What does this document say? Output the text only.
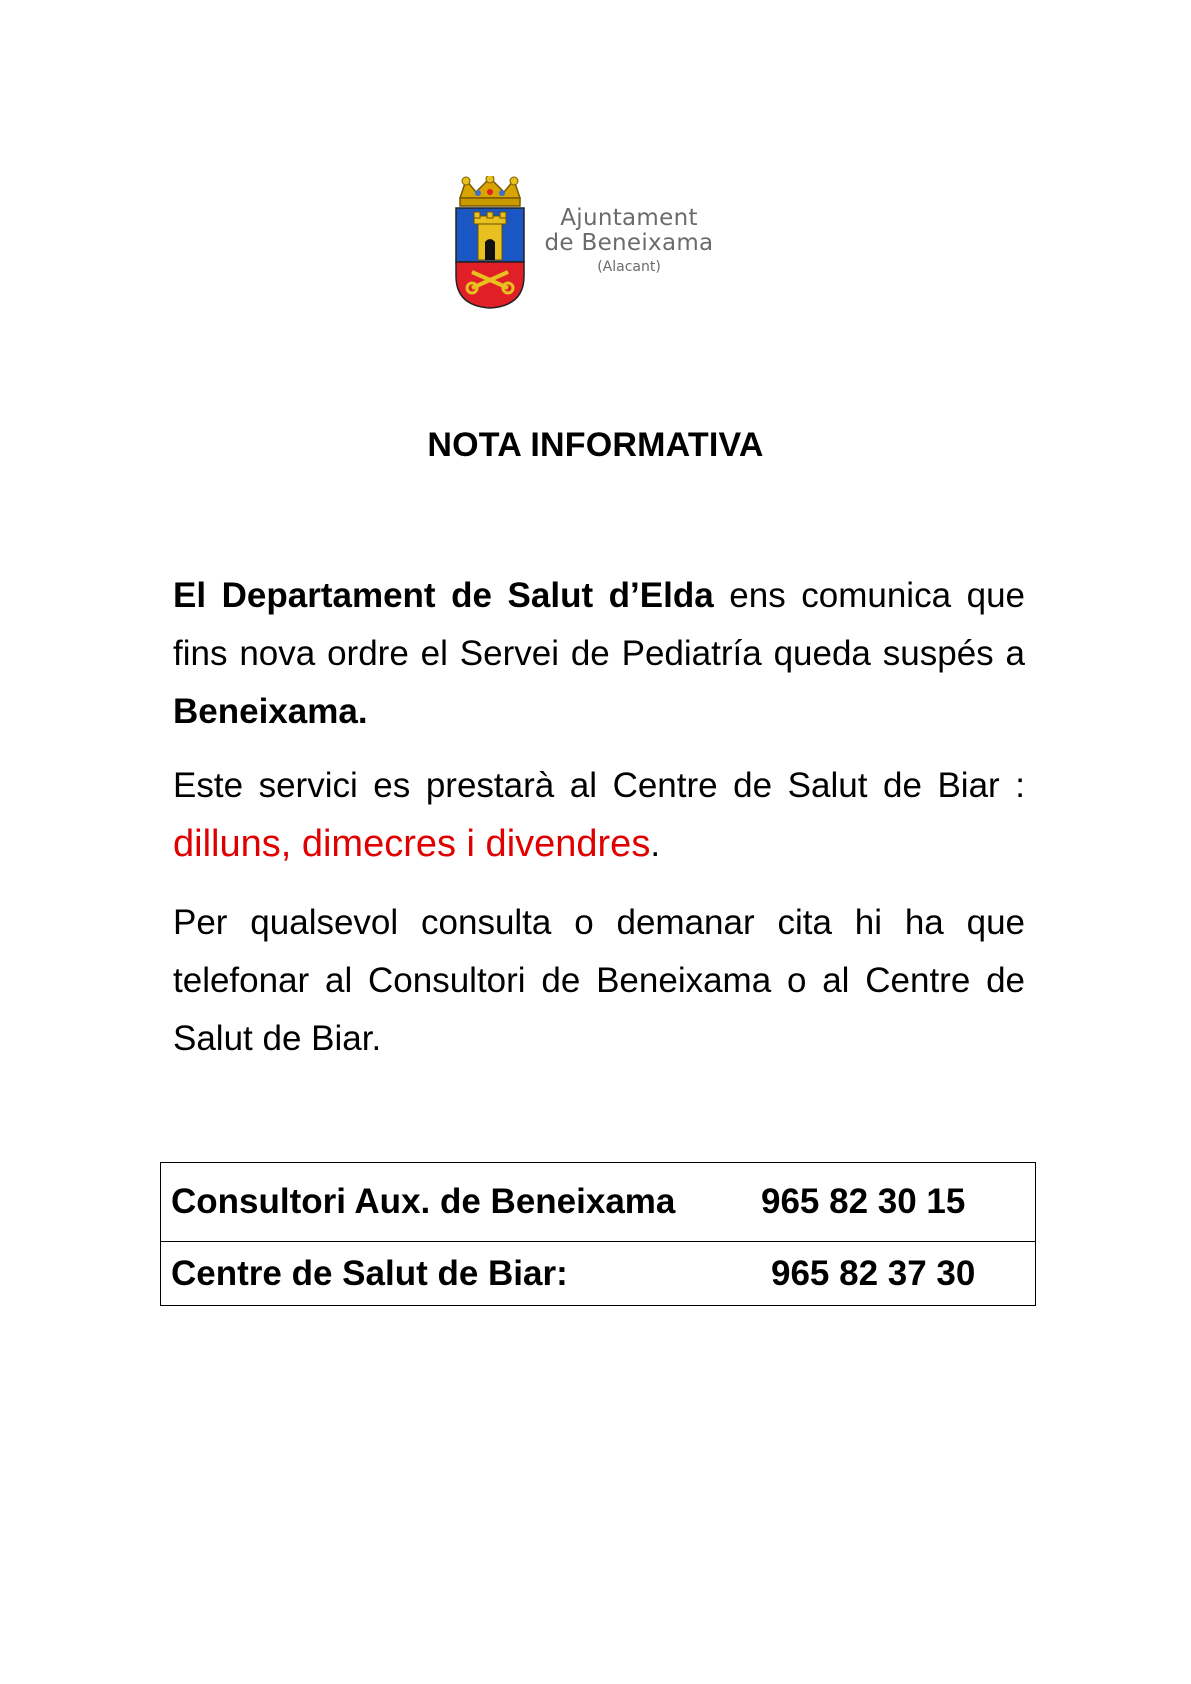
Ajuntament
de Beneixama
(Alacant)
NOTA INFORMATIVA

El Departament de Salut d’Elda ens comunica que fins nova ordre el Servei de Pediatría queda suspés a Beneixama.

Este servici es prestarà al Centre de Salut de Biar : dilluns, dimecres i divendres.

Per qualsevol consulta o demanar cita hi ha que telefonar al Consultori de Beneixama o al Centre de Salut de Biar.

Consultori Aux. de Beneixama	965 82 30 15
Centre de Salut de Biar:	965 82 37 30
